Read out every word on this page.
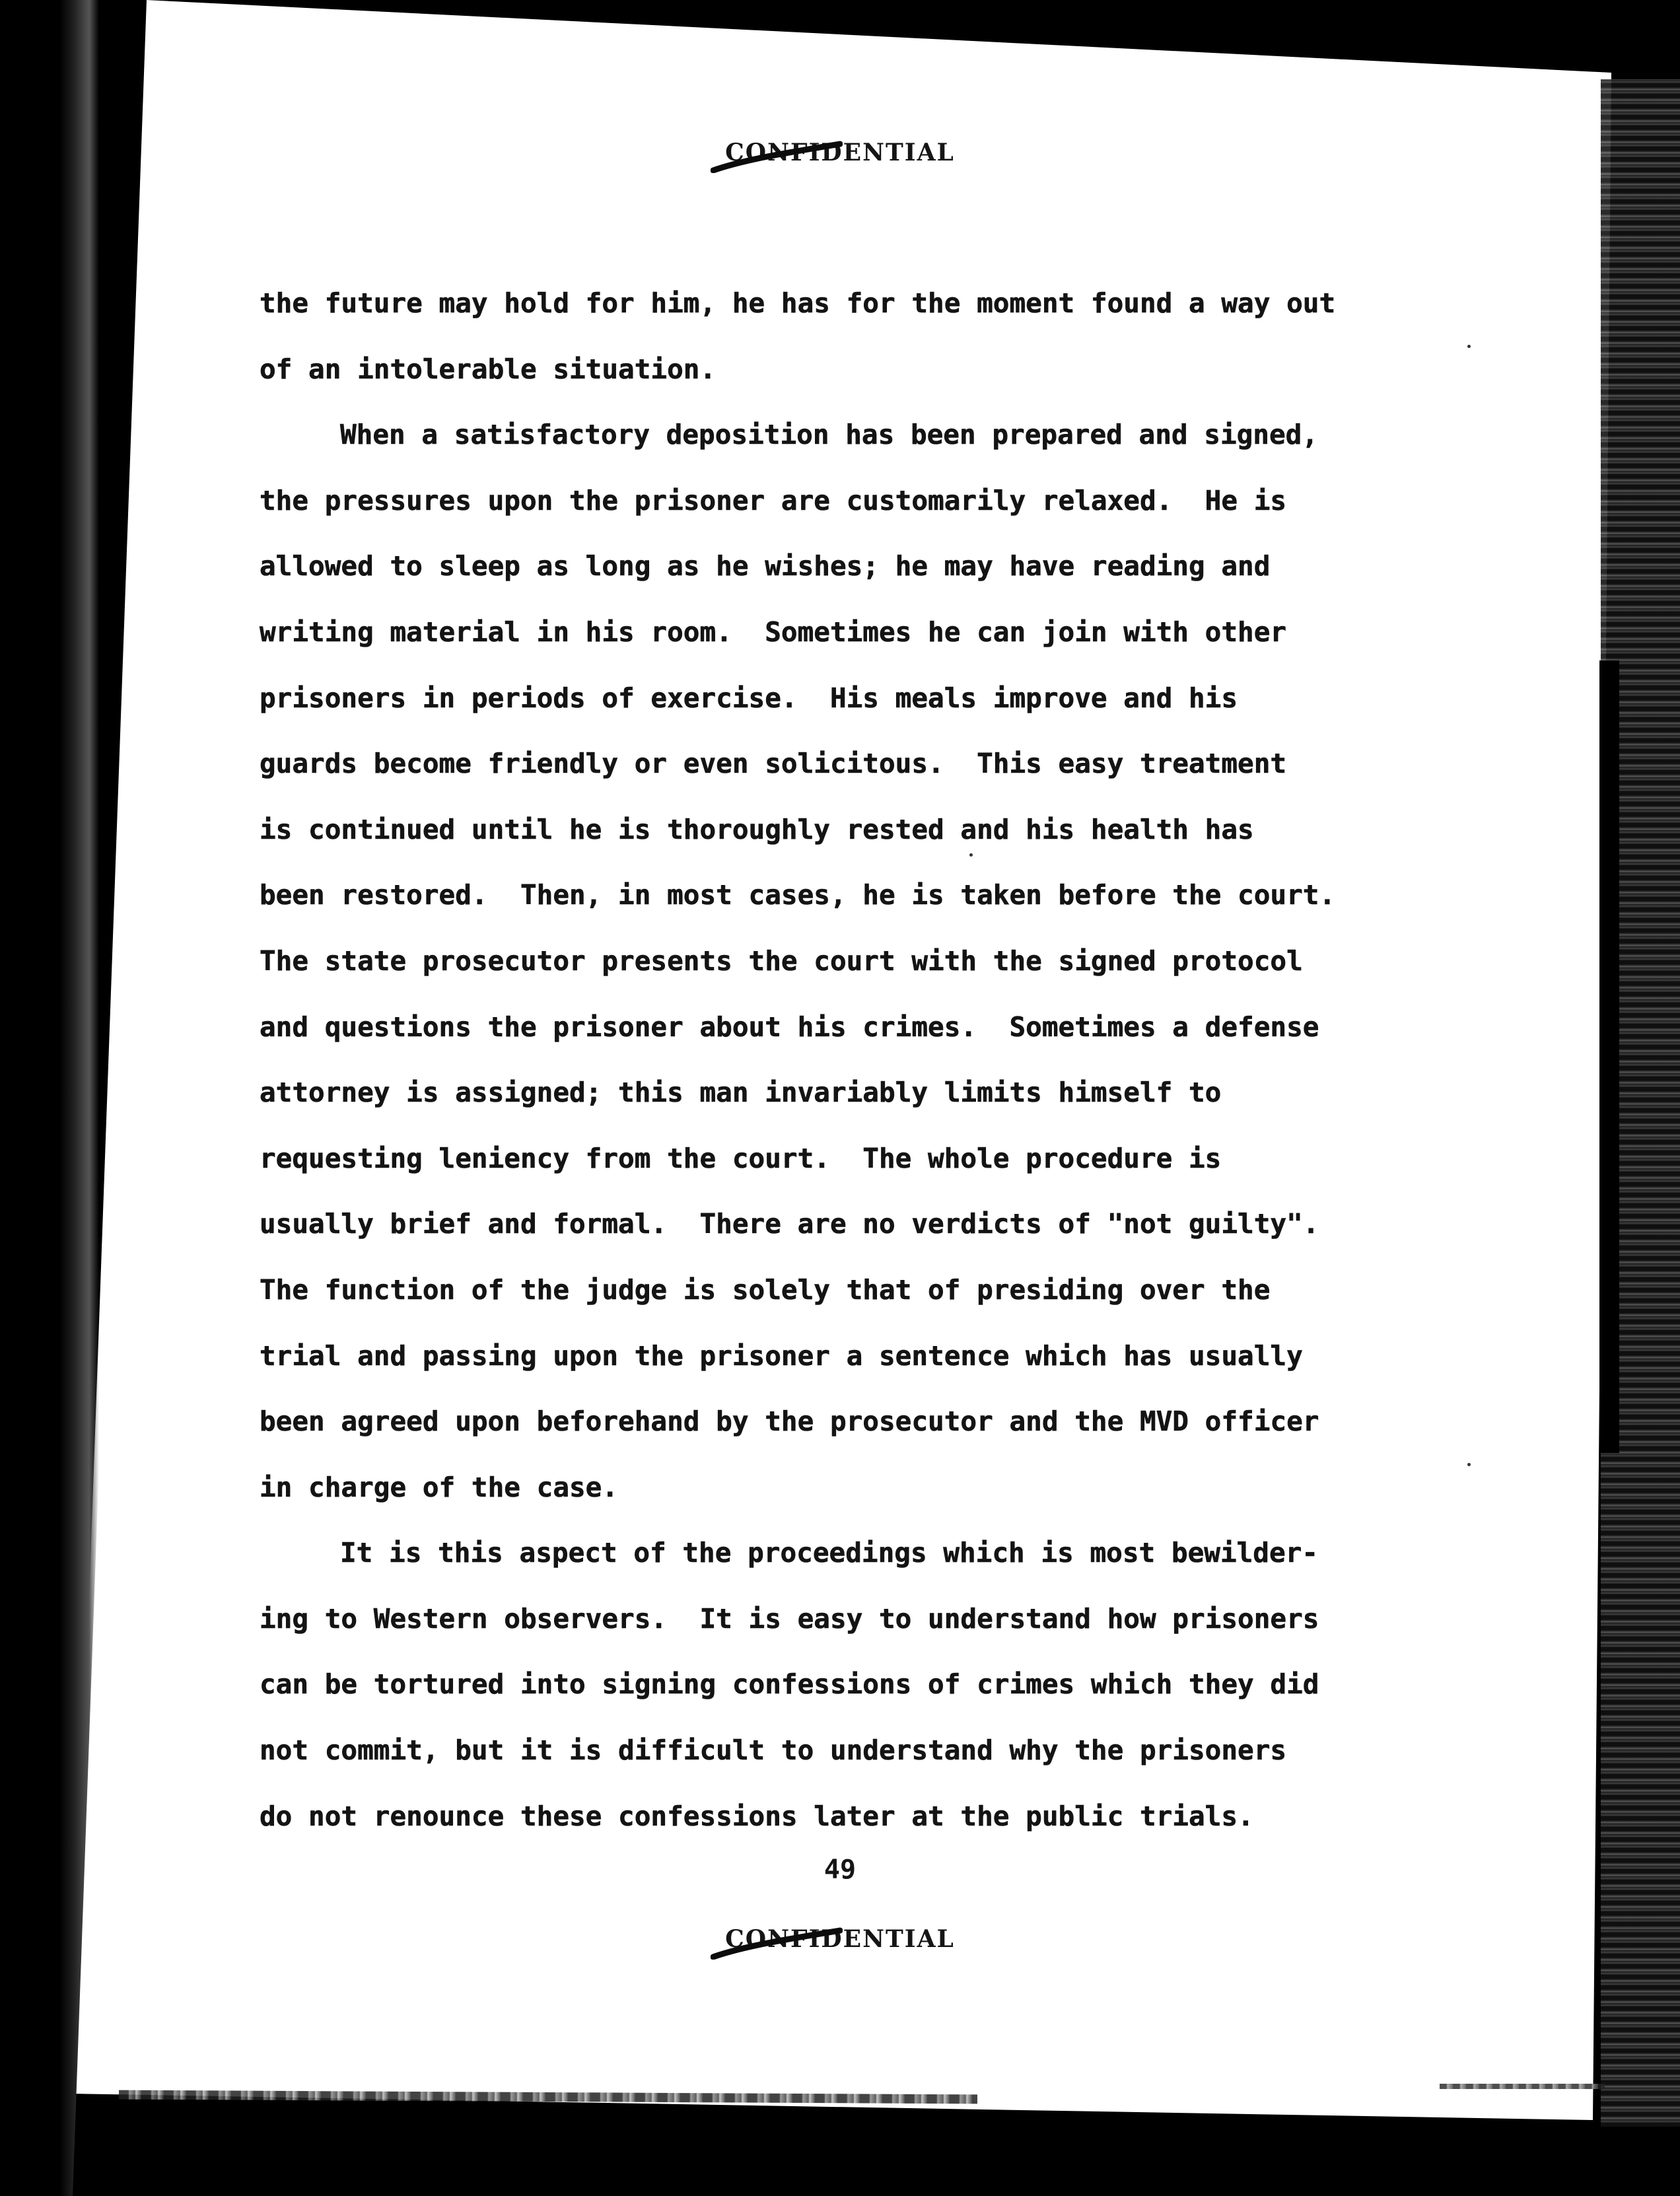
CONFIDENTIAL
the future may hold for him, he has for the moment found a way out
of an intolerable situation.
When a satisfactory deposition has been prepared and signed,
the pressures upon the prisoner are customarily relaxed.  He is
allowed to sleep as long as he wishes; he may have reading and
writing material in his room.  Sometimes he can join with other
prisoners in periods of exercise.  His meals improve and his
guards become friendly or even solicitous.  This easy treatment
is continued until he is thoroughly rested and his health has
been restored.  Then, in most cases, he is taken before the court.
The state prosecutor presents the court with the signed protocol
and questions the prisoner about his crimes.  Sometimes a defense
attorney is assigned; this man invariably limits himself to
requesting leniency from the court.  The whole procedure is
usually brief and formal.  There are no verdicts of "not guilty".
The function of the judge is solely that of presiding over the
trial and passing upon the prisoner a sentence which has usually
been agreed upon beforehand by the prosecutor and the MVD officer
in charge of the case.
It is this aspect of the proceedings which is most bewilder-
ing to Western observers.  It is easy to understand how prisoners
can be tortured into signing confessions of crimes which they did
not commit, but it is difficult to understand why the prisoners
do not renounce these confessions later at the public trials.
49
CONFIDENTIAL
